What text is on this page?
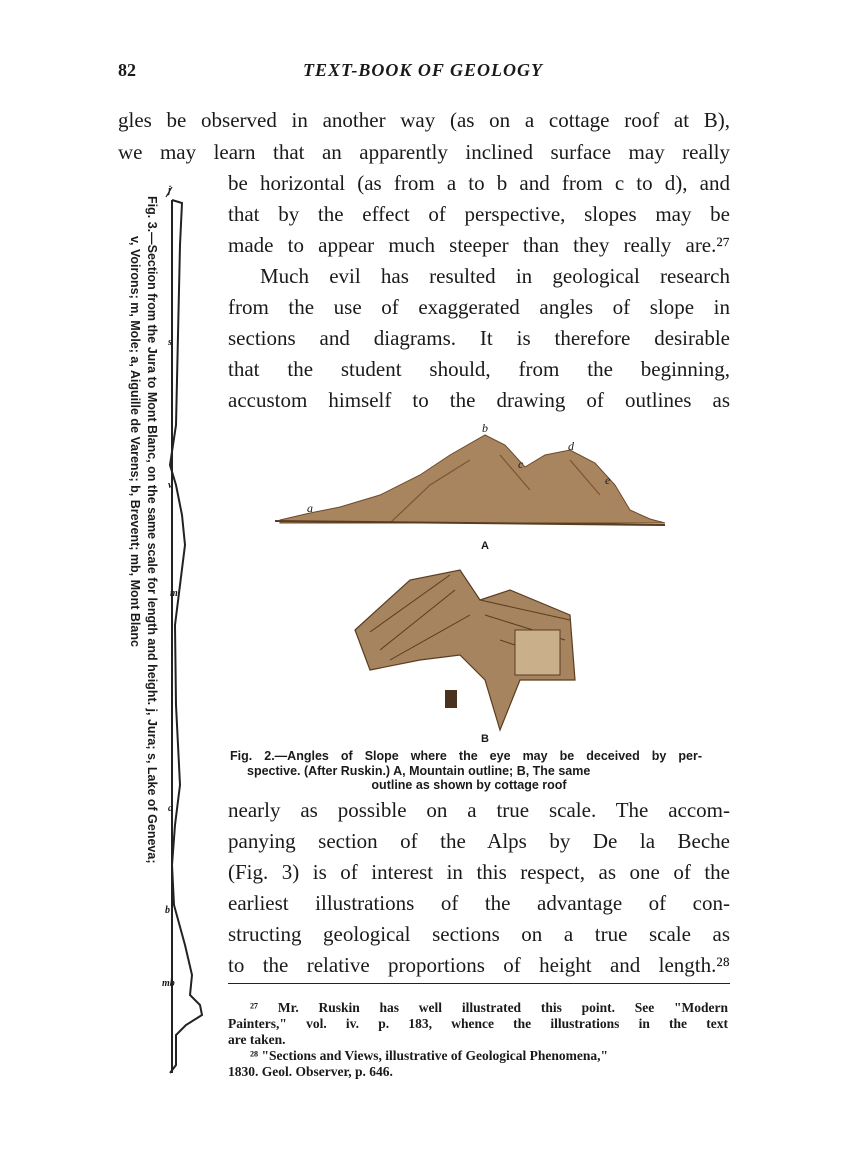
82	TEXT-BOOK OF GEOLOGY
gles be observed in another way (as on a cottage roof at B),
we may learn that an apparently inclined surface may really
be horizontal (as from a to b and from c to d), and
that by the effect of perspective, slopes may be
made to appear much steeper than they really are.²⁷
Much evil has resulted in geological research
from the use of exaggerated angles of slope in
sections and diagrams. It is therefore desirable
that the student should, from the beginning,
accustom himself to the drawing of outlines as
b
c
d
e
a
A
B
Fig. 2.—Angles of Slope where the eye may be deceived by per-
spective. (After Ruskin.) A, Mountain outline; B, The same
outline as shown by cottage roof
nearly as possible on a true scale. The accom-
panying section of the Alps by De la Beche
(Fig. 3) is of interest in this respect, as one of the
earliest illustrations of the advantage of con-
structing geological sections on a true scale as
to the relative proportions of height and length.²⁸
²⁷ Mr. Ruskin has well illustrated this point. See "Modern
Painters," vol. iv. p. 183, whence the illustrations in the text
are taken.
²⁸ "Sections and Views, illustrative of Geological Phenomena,"
1830. Geol. Observer, p. 646.
Fig. 3.—Section from the Jura to Mont Blanc, on the same scale for length and height. j, Jura; s, Lake of Geneva;
v, Voirons; m, Mole; a, Aiguille de Varens; b, Brevent; mb, Mont Blanc
j
s
v
m
a
b
mb
